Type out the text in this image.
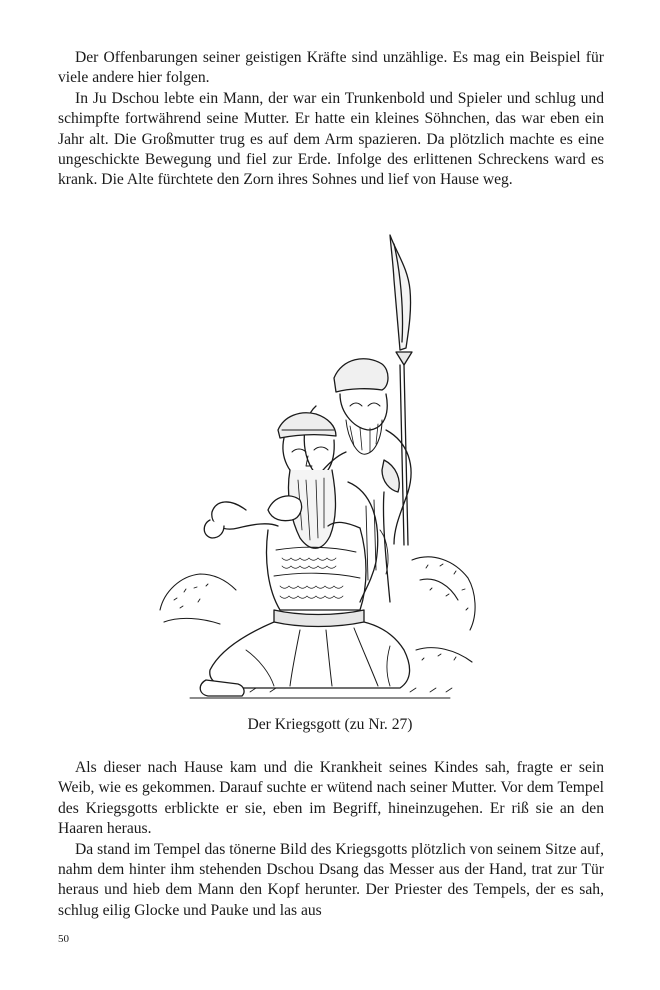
Der Offenbarungen seiner geistigen Kräfte sind unzählige. Es mag ein Beispiel für viele andere hier folgen.

In Ju Dschou lebte ein Mann, der war ein Trunkenbold und Spieler und schlug und schimpfte fortwährend seine Mutter. Er hatte ein kleines Söhnchen, das war eben ein Jahr alt. Die Großmutter trug es auf dem Arm spazieren. Da plötzlich machte es eine ungeschickte Bewegung und fiel zur Erde. Infolge des erlittenen Schreckens ward es krank. Die Alte fürchtete den Zorn ihres Sohnes und lief von Hause weg.

Der Kriegsgott (zu Nr. 27)

Als dieser nach Hause kam und die Krankheit seines Kindes sah, fragte er sein Weib, wie es gekommen. Darauf suchte er wütend nach seiner Mutter. Vor dem Tempel des Kriegsgotts erblickte er sie, eben im Begriff, hineinzugehen. Er riß sie an den Haaren heraus.

Da stand im Tempel das tönerne Bild des Kriegsgotts plötzlich von seinem Sitze auf, nahm dem hinter ihm stehenden Dschou Dsang das Messer aus der Hand, trat zur Tür heraus und hieb dem Mann den Kopf herunter. Der Priester des Tempels, der es sah, schlug eilig Glocke und Pauke und las aus

50
